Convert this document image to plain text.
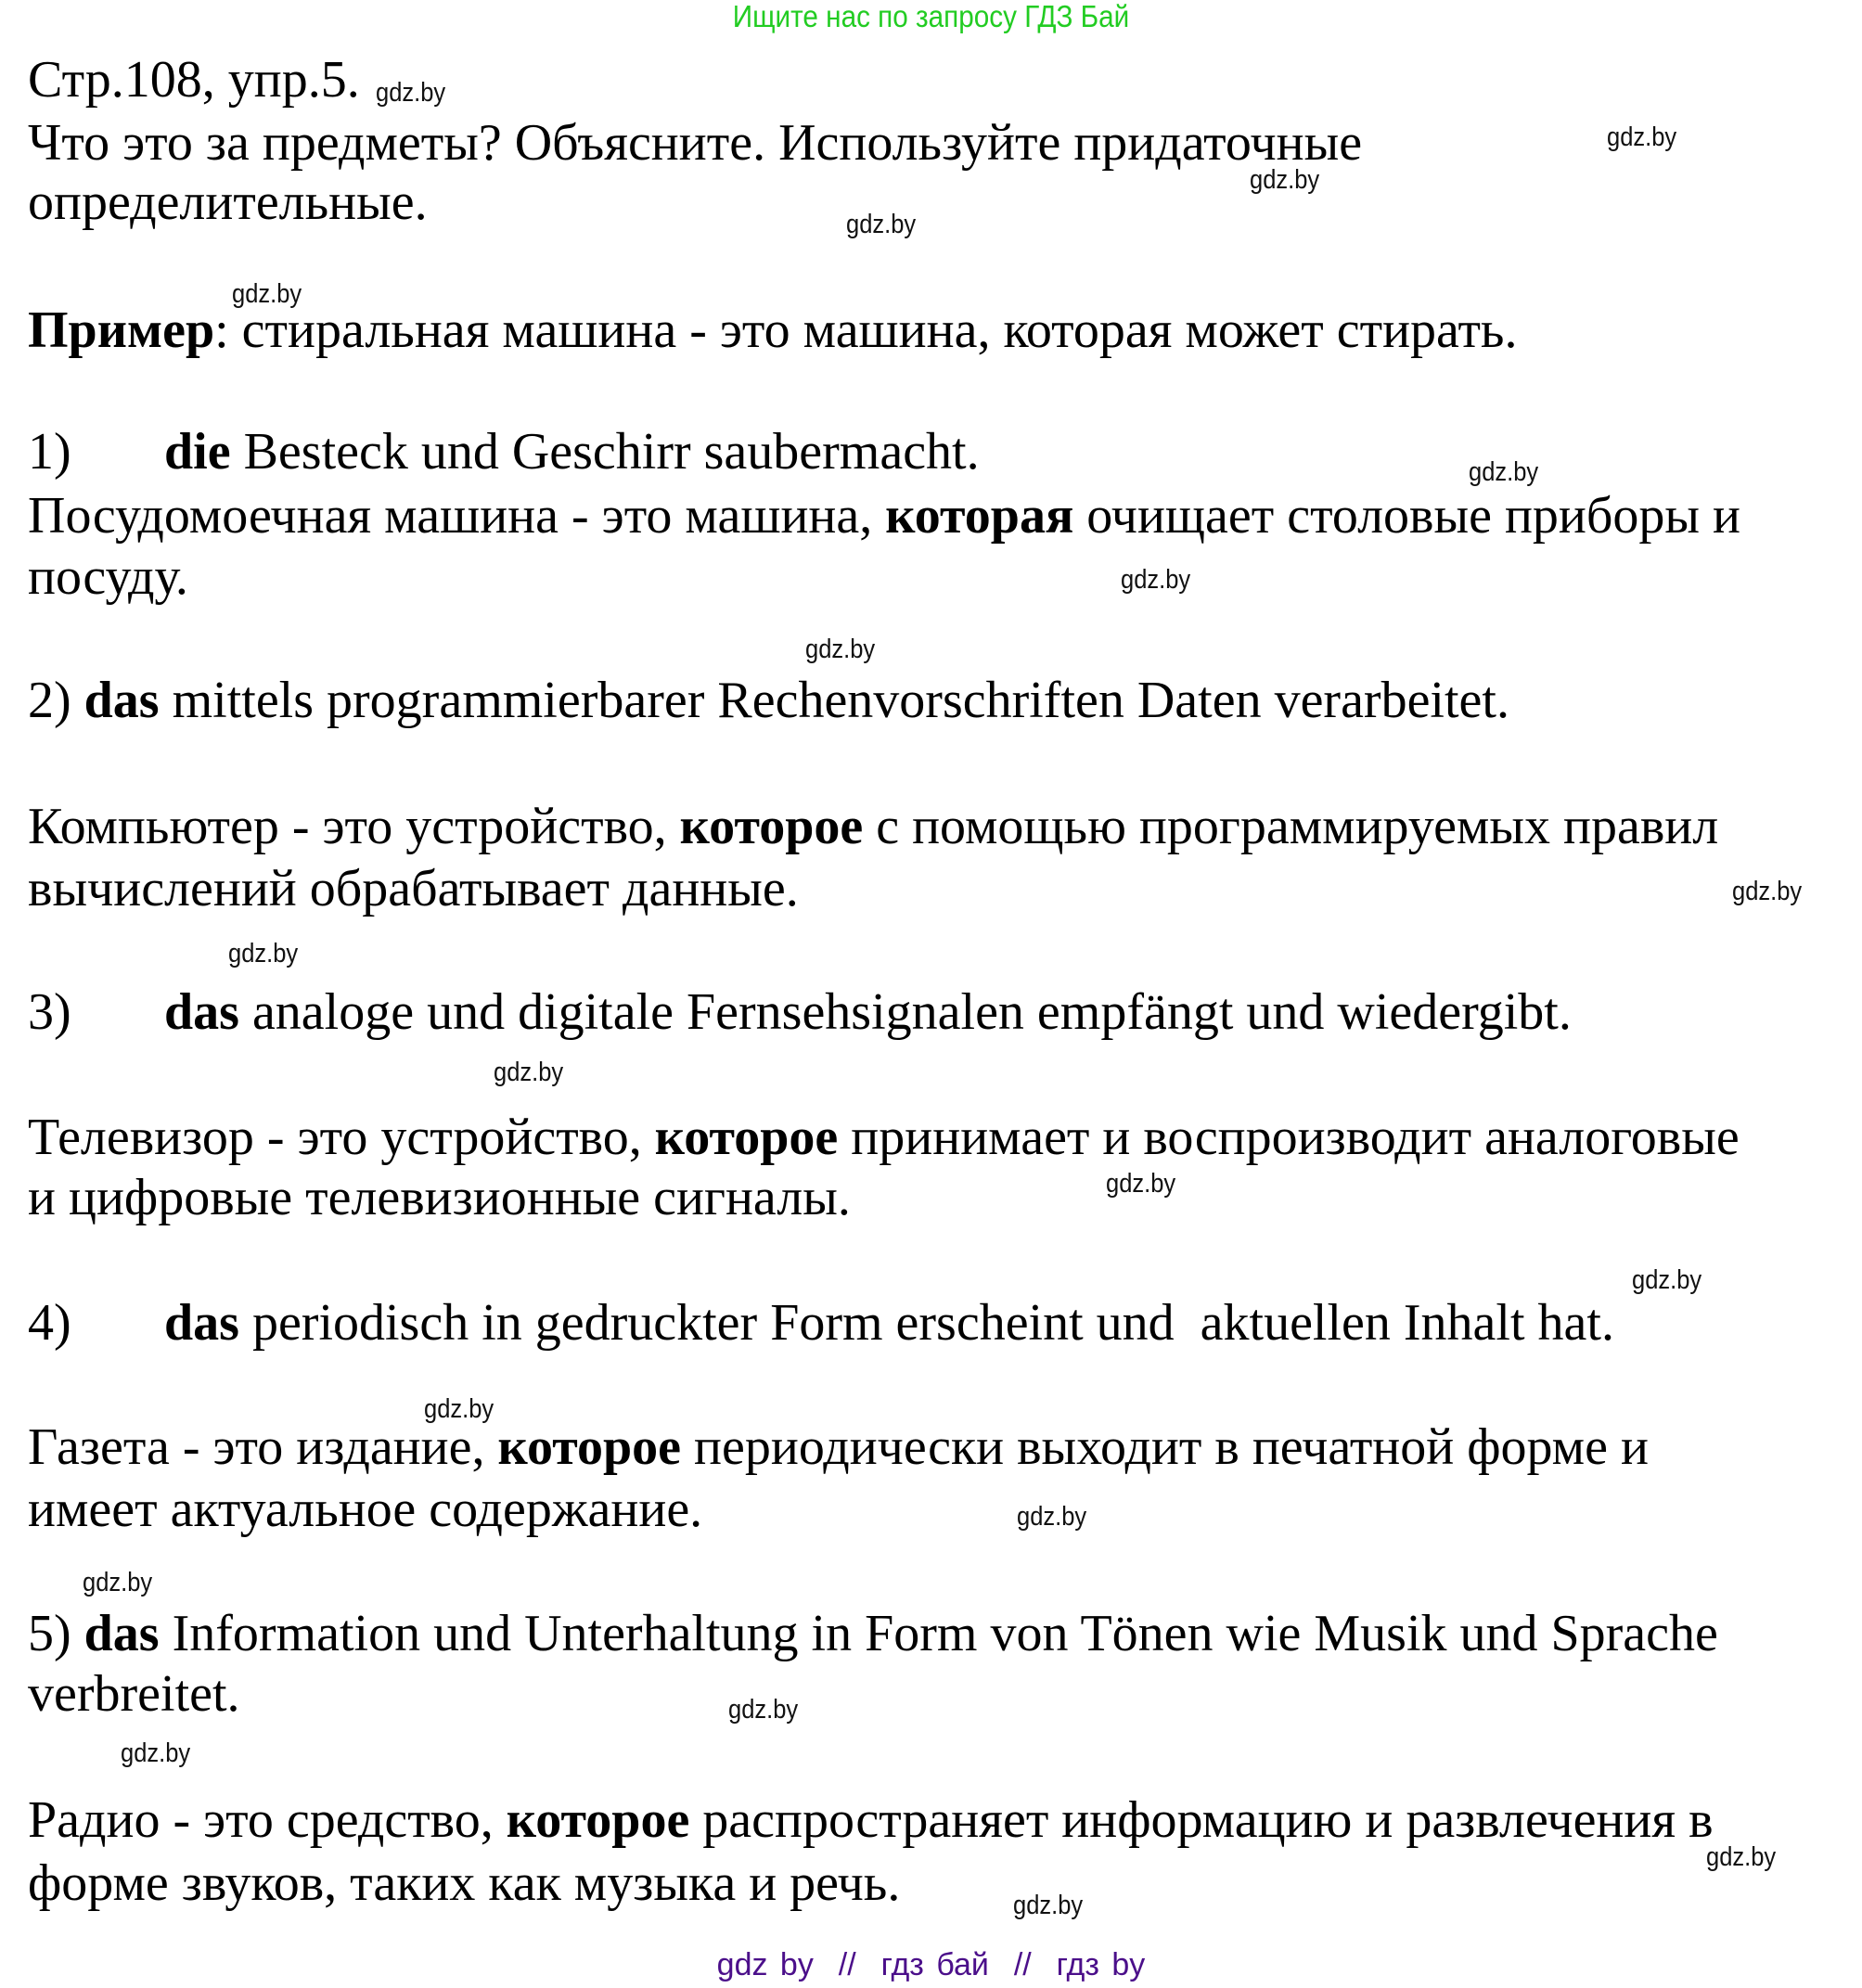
Ищите нас по запросу ГДЗ Бай
Стр.108, упр.5.
Что это за предметы? Объясните. Используйте придаточные
определительные.
Пример: стиральная машина - это машина, которая может стирать.
1) die Besteck und Geschirr saubermacht.
Посудомоечная машина - это машина, которая очищает столовые приборы и
посуду.
2) das mittels programmierbarer Rechenvorschriften Daten verarbeitet.
Компьютер - это устройство, которое с помощью программируемых правил
вычислений обрабатывает данные.
3) das analoge und digitale Fernsehsignalen empfängt und wiedergibt.
Телевизор - это устройство, которое принимает и воспроизводит аналоговые
и цифровые телевизионные сигналы.
4) das periodisch in gedruckter Form erscheint und  aktuellen Inhalt hat.
Газета - это издание, которое периодически выходит в печатной форме и
имеет актуальное содержание.
5) das Information und Unterhaltung in Form von Tönen wie Musik und Sprache
verbreitet.
Радио - это средство, которое распространяет информацию и развлечения в
форме звуков, таких как музыка и речь.
gdz.by
gdz.by
gdz.by
gdz.by
gdz.by
gdz.by
gdz.by
gdz.by
gdz.by
gdz.by
gdz.by
gdz.by
gdz.by
gdz.by
gdz.by
gdz.by
gdz.by
gdz.by
gdz.by
gdz.by
gdz by // гдз бай // гдз by
